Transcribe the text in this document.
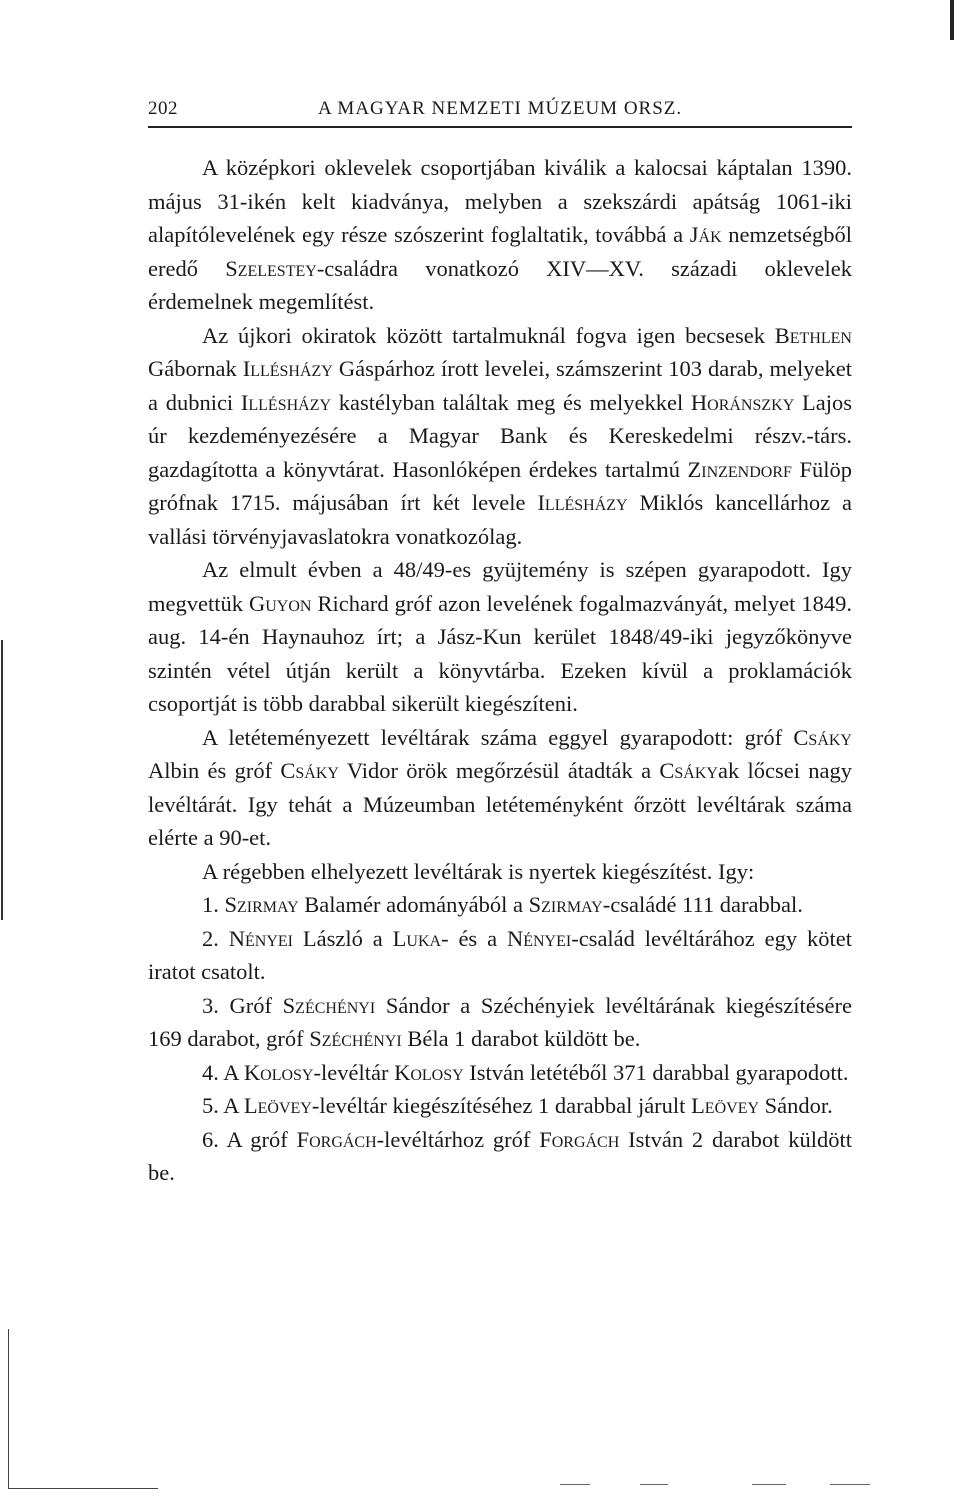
202	A MAGYAR NEMZETI MÚZEUM ORSZ.

A középkori oklevelek csoportjában kiválik a kalocsai káptalan 1390. május 31-ikén kelt kiadványa, melyben a szekszárdi apátság 1061-iki alapítólevelének egy része szószerint foglaltatik, továbbá a Ják nemzetségből eredő Szelestey-családra vonatkozó XIV—XV. századi oklevelek érdemelnek megemlítést.

Az újkori okiratok között tartalmuknál fogva igen becsesek Bethlen Gábornak Illésházy Gáspárhoz írott levelei, számszerint 103 darab, melyeket a dubnici Illésházy kastélyban találtak meg és melyekkel Horánszky Lajos úr kezdeményezésére a Magyar Bank és Kereskedelmi részv.-társ. gazdagította a könyvtárat. Hasonlóképen érdekes tartalmú Zinzendorf Fülöp grófnak 1715. májusában írt két levele Illésházy Miklós kancellárhoz a vallási törvényjavaslatokra vonatkozólag.

Az elmult évben a 48/49-es gyüjtemény is szépen gyarapodott. Igy megvettük Guyon Richard gróf azon levelének fogalmazványát, melyet 1849. aug. 14-én Haynauhoz írt; a Jász-Kun kerület 1848/49-iki jegyzőkönyve szintén vétel útján került a könyvtárba. Ezeken kívül a proklamációk csoportját is több darabbal sikerült kiegészíteni.

A letéteményezett levéltárak száma eggyel gyarapodott: gróf Csáky Albin és gróf Csáky Vidor örök megőrzésül átadták a Csákyak lőcsei nagy levéltárát. Igy tehát a Múzeumban letéteményként őrzött levéltárak száma elérte a 90-et.

A régebben elhelyezett levéltárak is nyertek kiegészítést. Igy:

1. Szirmay Balamér adományából a Szirmay-családé 111 darabbal.

2. Nényei László a Luka- és a Nényei-család levéltárához egy kötet iratot csatolt.

3. Gróf Széchényi Sándor a Széchényiek levéltárának kiegészítésére 169 darabot, gróf Széchényi Béla 1 darabot küldött be.

4. A Kolosy-levéltár Kolosy István letétéből 371 darabbal gyarapodott.

5. A Leövey-levéltár kiegészítéséhez 1 darabbal járult Leövey Sándor.

6. A gróf Forgách-levéltárhoz gróf Forgách István 2 darabot küldött be.
